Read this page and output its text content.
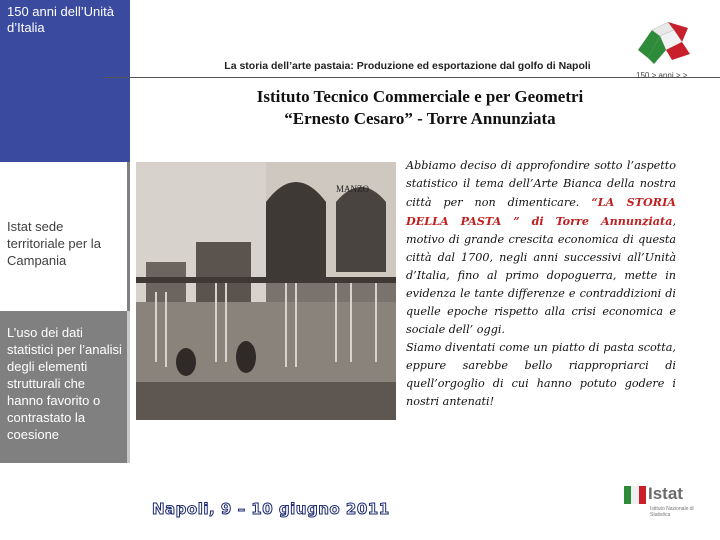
150 anni dell’Unità d’Italia
Istat sede territoriale per la Campania
L’uso dei dati statistici per l’analisi degli elementi strutturali che hanno favorito o contrastato la coesione
La storia dell’arte pastaia: Produzione ed esportazione dal golfo di Napoli
150 > anni > >
Istituto Tecnico Commerciale e per Geometri
“Ernesto Cesaro” - Torre Annunziata
MANZO

Abbiamo deciso di approfondire sotto l’aspetto statistico il tema dell’Arte Bianca della nostra città per non dimenticare. “LA STORIA DELLA PASTA ” di Torre Annunziata, motivo di grande crescita economica di questa città dal 1700, negli anni successivi all’Unità d’Italia, fino al primo dopoguerra, mette in evidenza le tante differenze e contraddizioni di quelle epoche rispetto alla crisi economica e sociale dell’ oggi.

Siamo diventati come un piatto di pasta scotta, eppure sarebbe bello riappropriarci di quell’orgoglio di cui hanno potuto godere i nostri antenati!

Napoli, 9 – 10 giugno 2011
Istat
Istituto Nazionale di Statistica
